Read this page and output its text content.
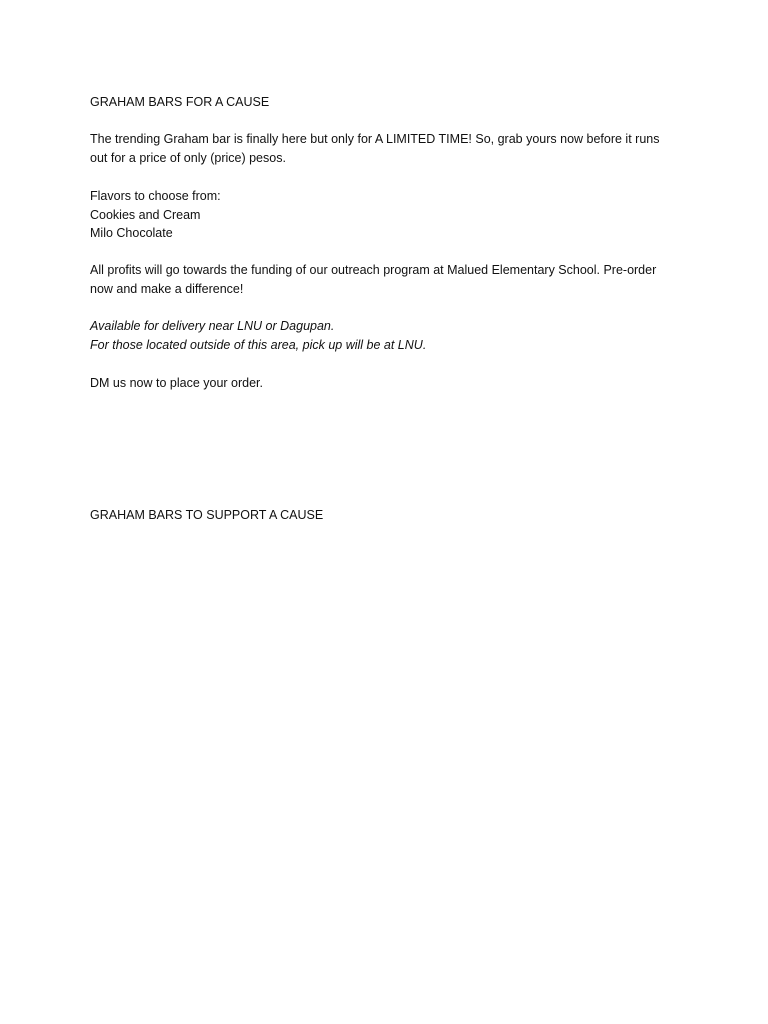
GRAHAM BARS FOR A CAUSE

The trending Graham bar is finally here but only for A LIMITED TIME! So, grab yours now before it runs
out for a price of only (price) pesos.

Flavors to choose from:
Cookies and Cream
Milo Chocolate

All profits will go towards the funding of our outreach program at Malued Elementary School. Pre-order
now and make a difference!

Available for delivery near LNU or Dagupan.
For those located outside of this area, pick up will be at LNU.

DM us now to place your order.

GRAHAM BARS TO SUPPORT A CAUSE
